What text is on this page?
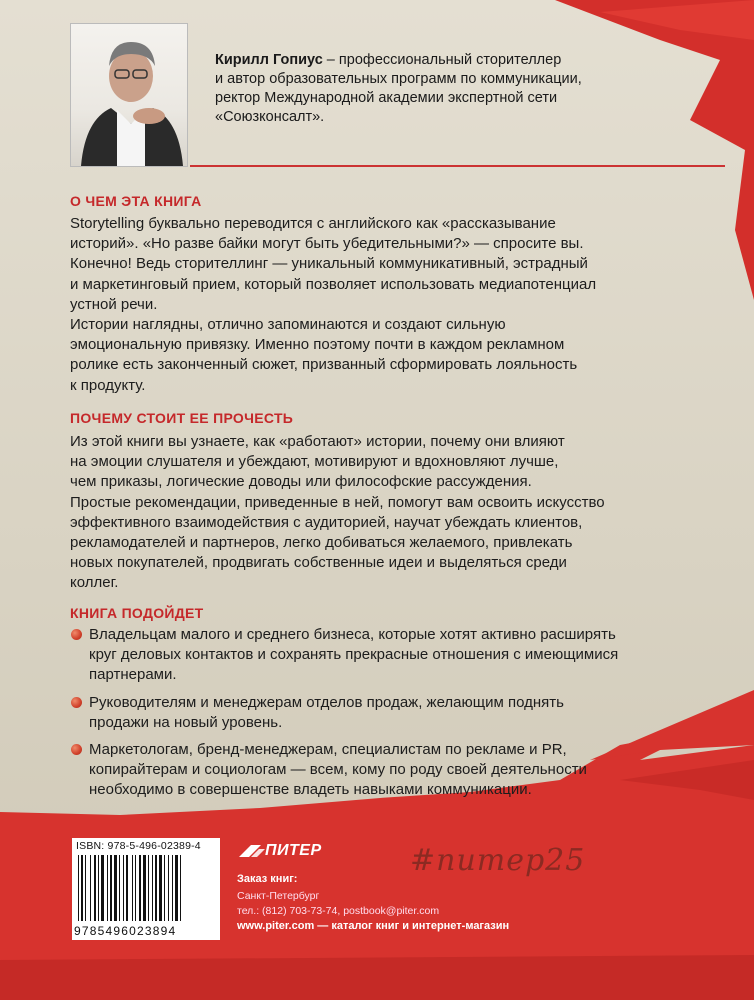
Кирилл Гопиус – профессиональный сторителлер
и автор образовательных программ по коммуникации,
ректор Международной академии экспертной сети
«Союзконсалт».
О ЧЕМ ЭТА КНИГА
Storytelling буквально переводится с английского как «рассказывание
историй». «Но разве байки могут быть убедительными?» — спросите вы.
Конечно! Ведь сторителлинг — уникальный коммуникативный, эстрадный
и маркетинговый прием, который позволяет использовать медиапотенциал
устной речи.
Истории наглядны, отлично запоминаются и создают сильную
эмоциональную привязку. Именно поэтому почти в каждом рекламном
ролике есть законченный сюжет, призванный сформировать лояльность
к продукту.
ПОЧЕМУ СТОИТ ЕЕ ПРОЧЕСТЬ
Из этой книги вы узнаете, как «работают» истории, почему они влияют
на эмоции слушателя и убеждают, мотивируют и вдохновляют лучше,
чем приказы, логические доводы или философские рассуждения.
Простые рекомендации, приведенные в ней, помогут вам освоить искусство
эффективного взаимодействия с аудиторией, научат убеждать клиентов,
рекламодателей и партнеров, легко добиваться желаемого, привлекать
новых покупателей, продвигать собственные идеи и выделяться среди
коллег.
КНИГА ПОДОЙДЕТ
Владельцам малого и среднего бизнеса, которые хотят активно расширять
круг деловых контактов и сохранять прекрасные отношения с имеющимися
партнерами.
Руководителям и менеджерам отделов продаж, желающим поднять
продажи на новый уровень.
Маркетологам, бренд-менеджерам, специалистам по рекламе и PR,
копирайтерам и социологам — всем, кому по роду своей деятельности
необходимо в совершенстве владеть навыками коммуникации.
ISBN: 978-5-496-02389-4
9785496023894
ПИТЕР
Заказ книг:
Санкт-Петербург
тел.: (812) 703-73-74, postbook@piter.com
www.piter.com — каталог книг и интернет-магазин
#питер25
